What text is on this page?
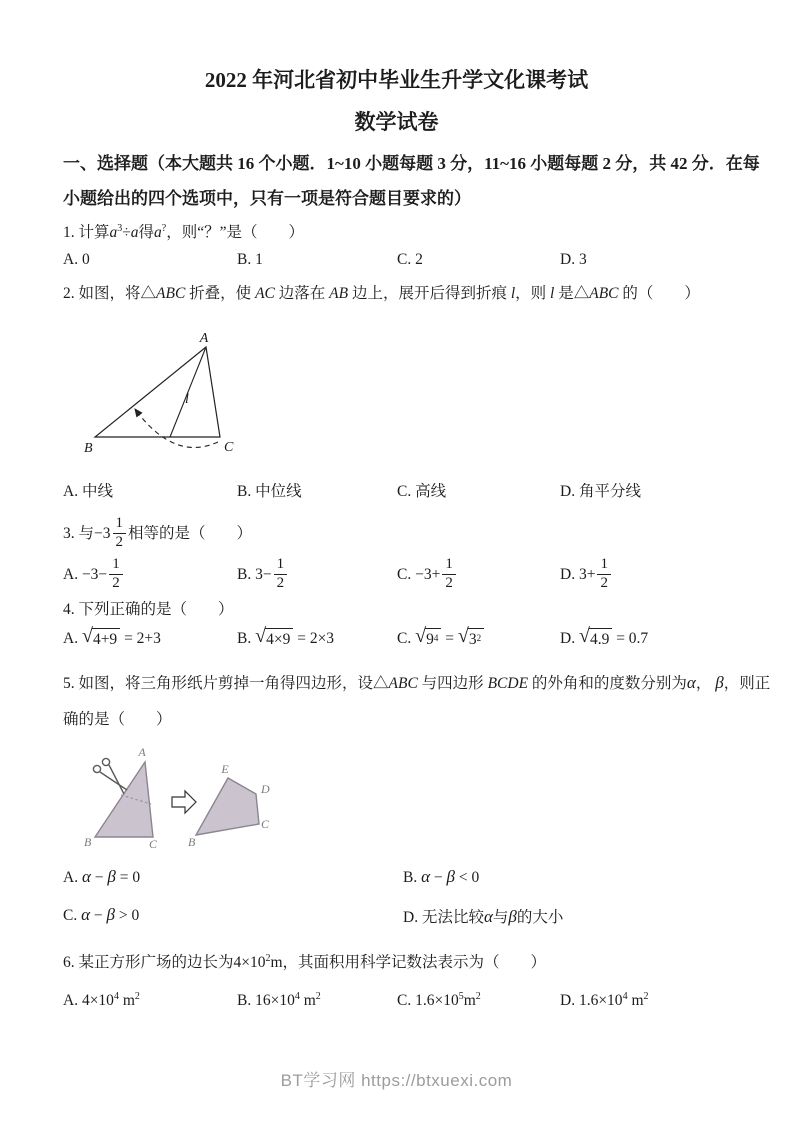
2022 年河北省初中毕业生升学文化课考试
数学试卷
一、选择题（本大题共 16 个小题．1~10 小题每题 3 分，11~16 小题每题 2 分，共 42 分．在每
小题给出的四个选项中，只有一项是符合题目要求的）
1. 计算$a^3\div a$得a?，则“？”是（　　）
A. 0	B. 1	C. 2	D. 3
2. 如图，将△ABC 折叠，使 AC 边落在 AB 边上，展开后得到折痕 l，则 l 是△ABC 的（　　）
A
B	C
l
A. 中线	B. 中位线	C. 高线	D. 角平分线
3. 与$-3 \frac{1}{2}$ 相等的是（　　）
A. $-3- \frac{1}{2}$	B. $3- \frac{1}{2}$	C. $-3+ \frac{1}{2}$	D. $3+ \frac{1}{2}$
4. 下列正确的是（　　）
A. √ 4+9 = 2+3	B. √ 4×9 = 2×3	C. √ $9^4$ = √ $3^2$	D. √ 4.9 = 0.7
5. 如图，将三角形纸片剪掉一角得四边形，设△ABC 与四边形 BCDE 的外角和的度数分别为α， β，则正
确的是（　　）
A
B	C
E
D
C
B
A. α − β = 0	B. α − β < 0
C. α − β > 0	D. 无法比较α与β的大小
6. 某正方形广场的边长为$4\times 10^2m$，其面积用科学记数法表示为（　　）
A. $4\times 10^4$ $m^2$	B. $16\times 10^4$ $m^2$	C. $1.6\times 10^5m^2$	D. $1.6\times 10^4$ $m^2$
BT学习网 https://btxuexi.com
